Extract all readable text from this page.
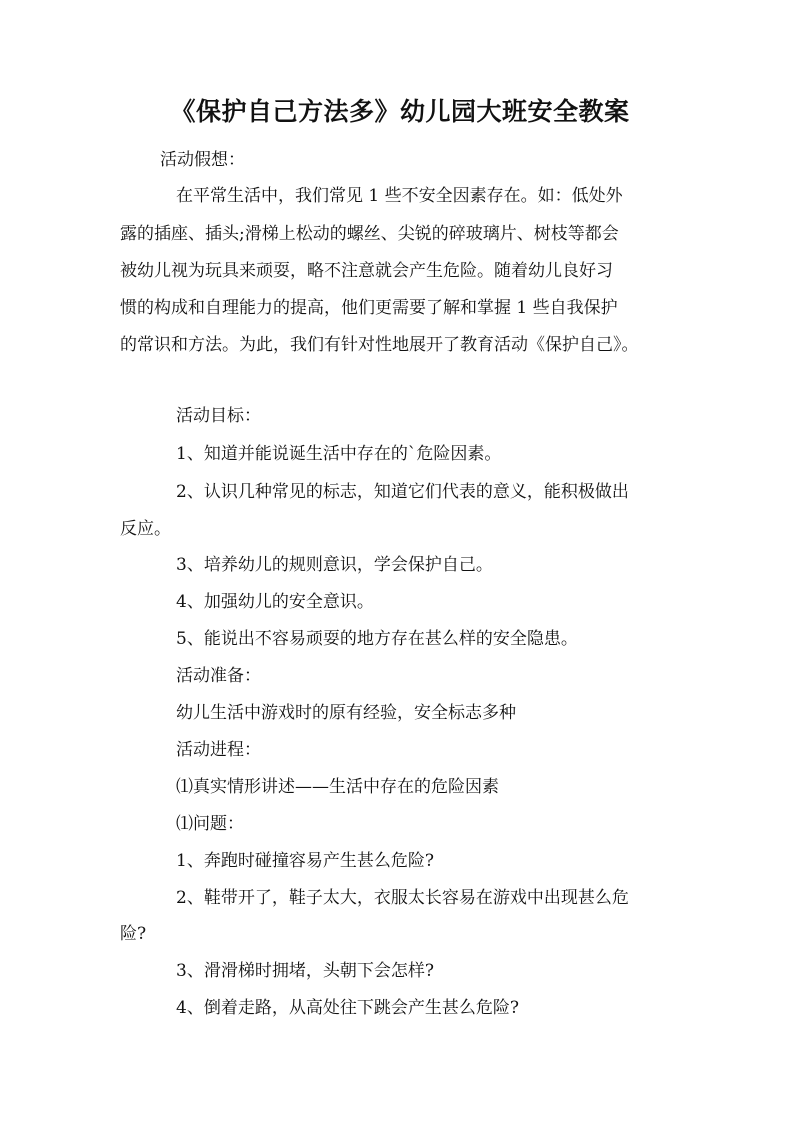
《保护自己方法多》幼儿园大班安全教案
活动假想：
在平常生活中，我们常见 1 些不安全因素存在。如：低处外
露的插座、插头;滑梯上松动的螺丝、尖锐的碎玻璃片、树枝等都会
被幼儿视为玩具来顽耍，略不注意就会产生危险。随着幼儿良好习
惯的构成和自理能力的提高，他们更需要了解和掌握 1 些自我保护
的常识和方法。为此，我们有针对性地展开了教育活动《保护自己》。
活动目标：
1、知道并能说诞生活中存在的`危险因素。
2、认识几种常见的标志，知道它们代表的意义，能积极做出
反应。
3、培养幼儿的规则意识，学会保护自己。
4、加强幼儿的安全意识。
5、能说出不容易顽耍的地方存在甚么样的安全隐患。
活动准备：
幼儿生活中游戏时的原有经验，安全标志多种
活动进程：
⑴真实情形讲述——生活中存在的危险因素
⑴问题：
1、奔跑时碰撞容易产生甚么危险?
2、鞋带开了，鞋子太大，衣服太长容易在游戏中出现甚么危
险?
3、滑滑梯时拥堵，头朝下会怎样?
4、倒着走路，从高处往下跳会产生甚么危险?
